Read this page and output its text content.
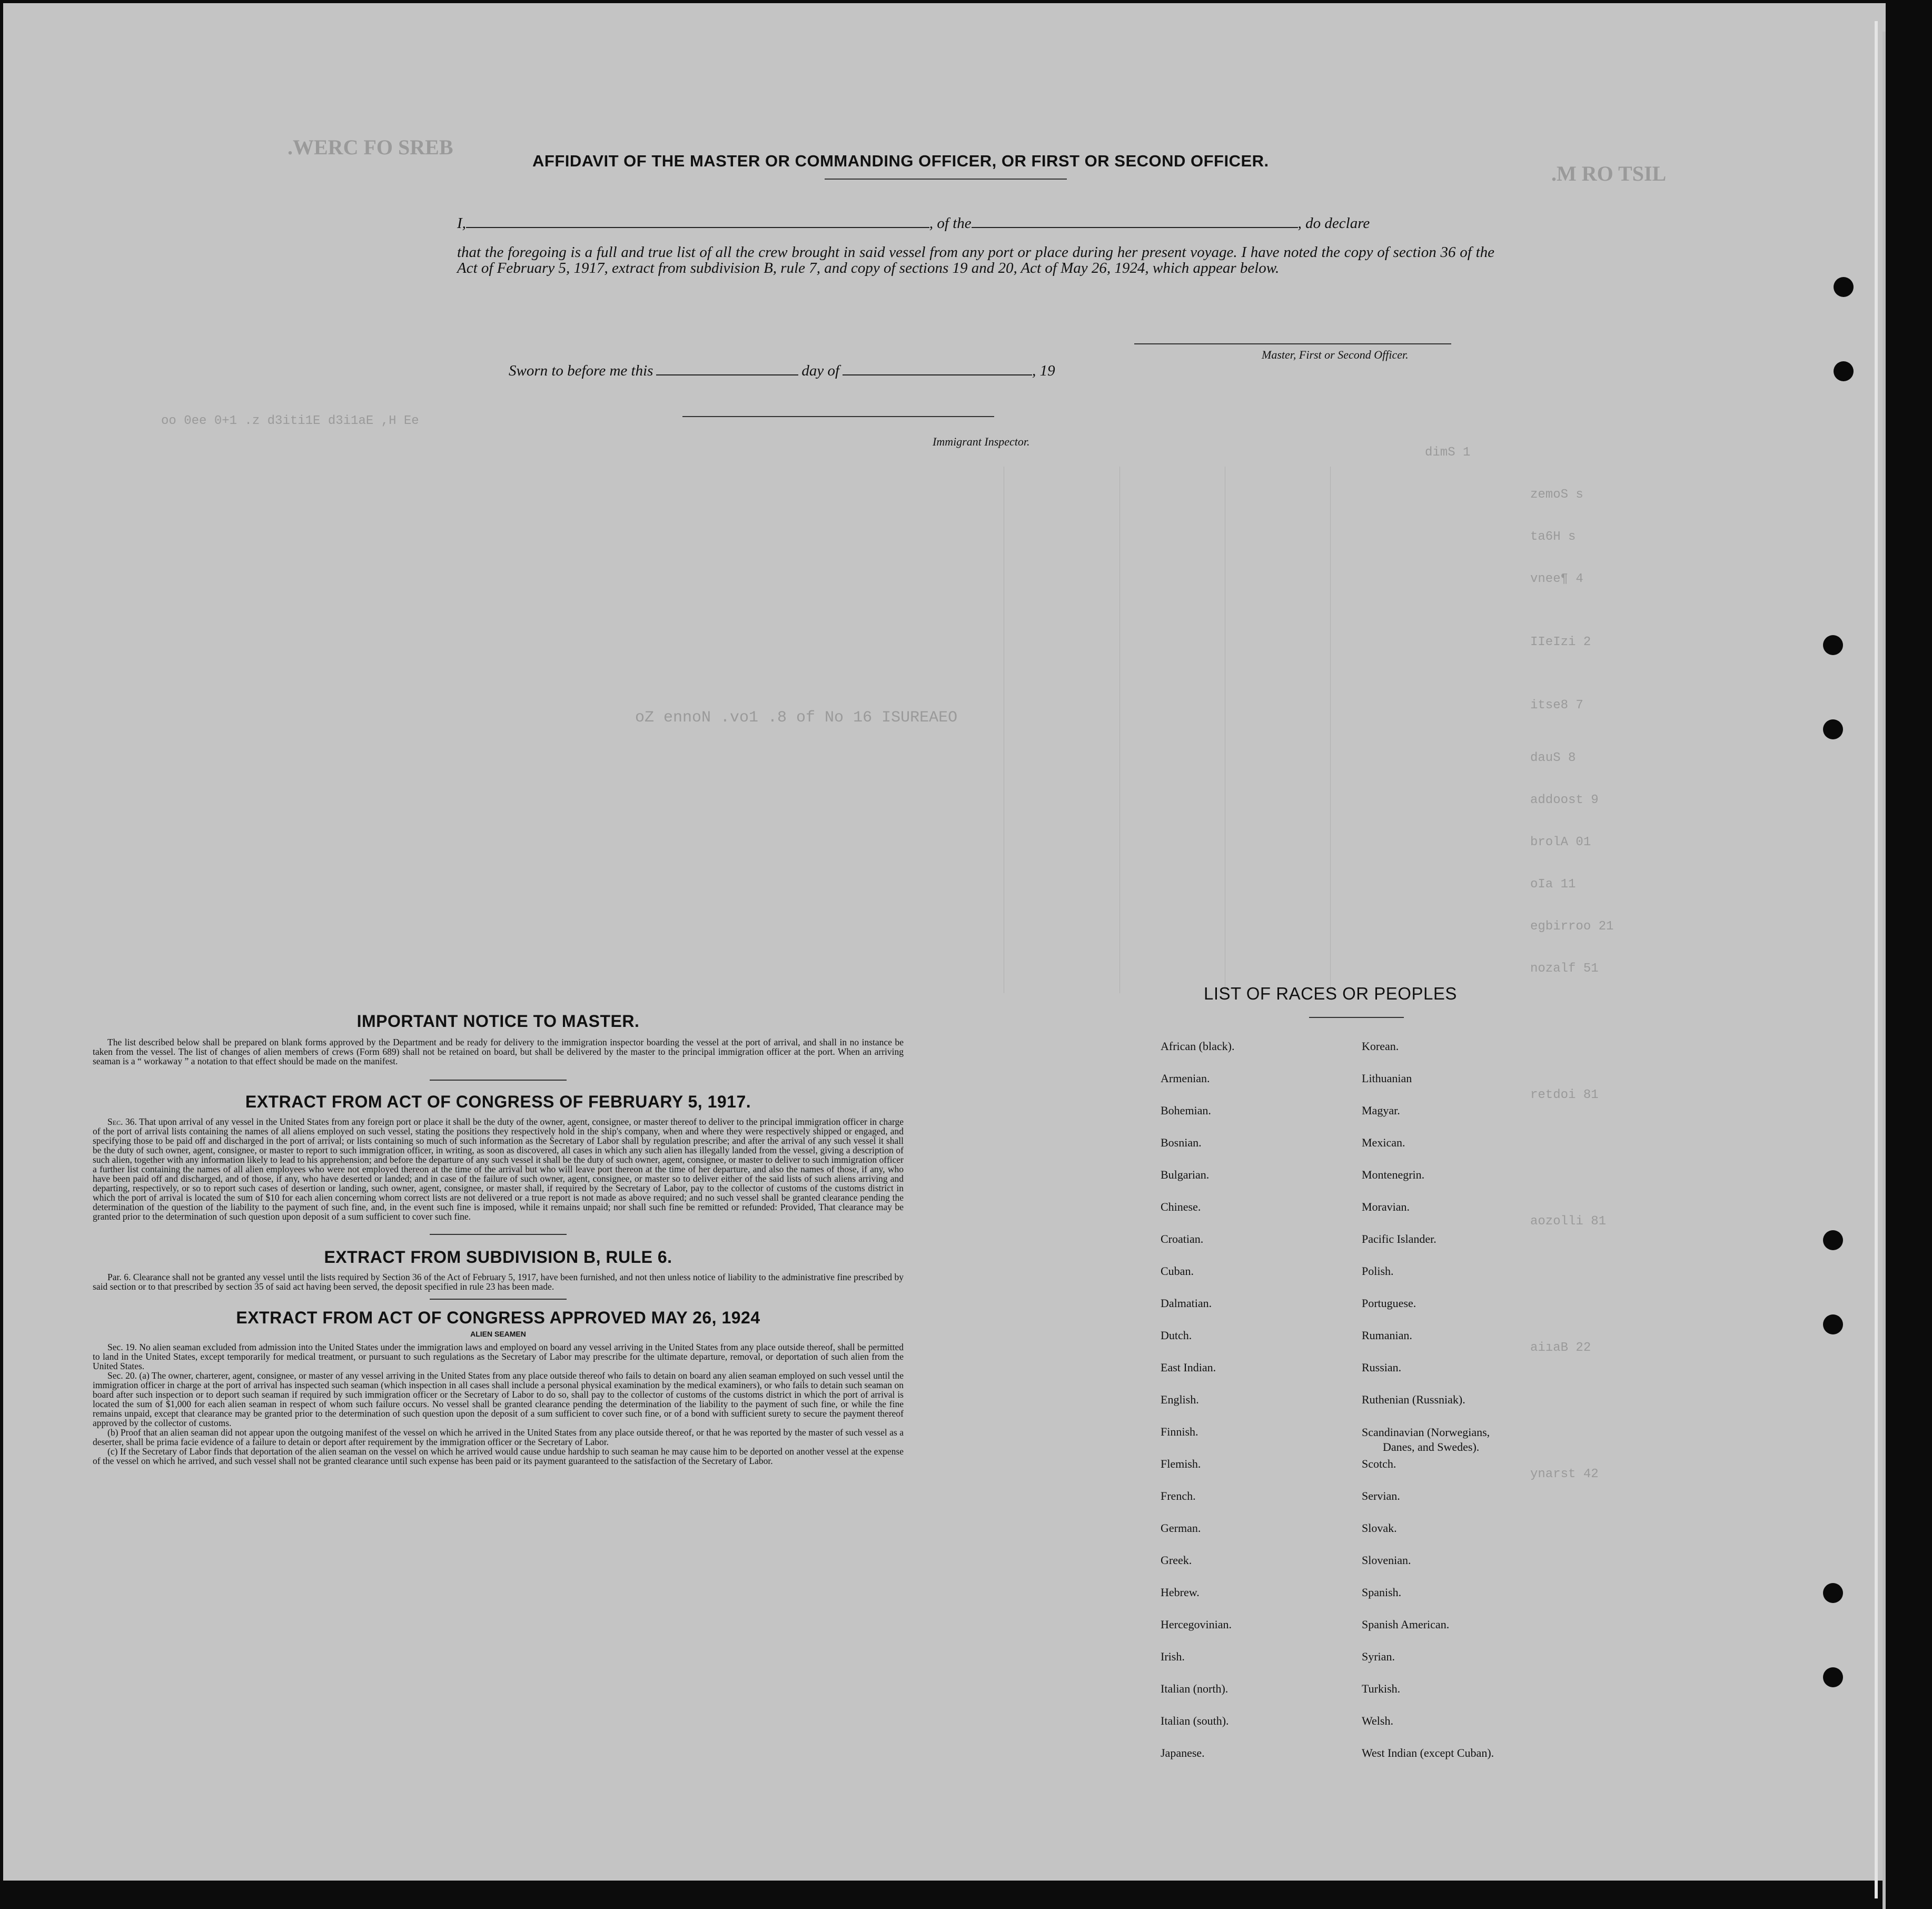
.WERC FO SREB
.M RO TSIL
oo 0ee 0+1 .z d3iti1E d3i1aE ,H Ee
dimS 1
zemoS s
ta6H s
vnee¶ 4
IIeIzi 2
itse8 7
oZ ennoN .vo1 .8 of No 16 ISUREAEO
dauS 8
addoost 9
brolA 01
oIa 11
egbirroo 21
nozalf 51
retdoi 81
aozolli 81
aiıaB 22
ynarst 42
AFFIDAVIT OF THE MASTER OR COMMANDING OFFICER, OR FIRST OR SECOND OFFICER.
I,	, of the	, do declare
that the foregoing is a full and true list of all the crew brought in said vessel from any port or place during her present voyage. I have noted the copy of section 36 of the Act of February 5, 1917, extract from subdivision B, rule 7, and copy of sections 19 and 20, Act of May 26, 1924, which appear below.
Master, First or Second Officer.
Sworn to before me this	day of	, 19
Immigrant Inspector.
IMPORTANT NOTICE TO MASTER.

The list described below shall be prepared on blank forms approved by the Department and be ready for delivery to the immigration inspector boarding the vessel at the port of arrival, and shall in no instance be taken from the vessel. The list of changes of alien members of crews (Form 689) shall not be retained on board, but shall be delivered by the master to the principal immigration officer at the port. When an arriving seaman is a “ workaway ” a notation to that effect should be made on the manifest.

EXTRACT FROM ACT OF CONGRESS OF FEBRUARY 5, 1917.

Sec. 36. That upon arrival of any vessel in the United States from any foreign port or place it shall be the duty of the owner, agent, consignee, or master thereof to deliver to the principal immigration officer in charge of the port of arrival lists containing the names of all aliens employed on such vessel, stating the positions they respectively hold in the ship's company, when and where they were respectively shipped or engaged, and specifying those to be paid off and discharged in the port of arrival; or lists containing so much of such information as the Secretary of Labor shall by regulation prescribe; and after the arrival of any such vessel it shall be the duty of such owner, agent, consignee, or master to report to such immigration officer, in writing, as soon as discovered, all cases in which any such alien has illegally landed from the vessel, giving a description of such alien, together with any information likely to lead to his apprehension; and before the departure of any such vessel it shall be the duty of such owner, agent, consignee, or master to deliver to such immigration officer a further list containing the names of all alien employees who were not employed thereon at the time of the arrival but who will leave port thereon at the time of her departure, and also the names of those, if any, who have been paid off and discharged, and of those, if any, who have deserted or landed; and in case of the failure of such owner, agent, consignee, or master so to deliver either of the said lists of such aliens arriving and departing, respectively, or so to report such cases of desertion or landing, such owner, agent, consignee, or master shall, if required by the Secretary of Labor, pay to the collector of customs of the customs district in which the port of arrival is located the sum of $10 for each alien concerning whom correct lists are not delivered or a true report is not made as above required; and no such vessel shall be granted clearance pending the determination of the question of the liability to the payment of such fine, and, in the event such fine is imposed, while it remains unpaid; nor shall such fine be remitted or refunded: Provided, That clearance may be granted prior to the determination of such question upon deposit of a sum sufficient to cover such fine.

EXTRACT FROM SUBDIVISION B, RULE 6.

Par. 6. Clearance shall not be granted any vessel until the lists required by Section 36 of the Act of February 5, 1917, have been furnished, and not then unless notice of liability to the administrative fine prescribed by said section or to that prescribed by section 35 of said act having been served, the deposit specified in rule 23 has been made.

EXTRACT FROM ACT OF CONGRESS APPROVED MAY 26, 1924
ALIEN SEAMEN

Sec. 19. No alien seaman excluded from admission into the United States under the immigration laws and employed on board any vessel arriving in the United States from any place outside thereof, shall be permitted to land in the United States, except temporarily for medical treatment, or pursuant to such regulations as the Secretary of Labor may prescribe for the ultimate departure, removal, or deportation of such alien from the United States.

Sec. 20. (a) The owner, charterer, agent, consignee, or master of any vessel arriving in the United States from any place outside thereof who fails to detain on board any alien seaman employed on such vessel until the immigration officer in charge at the port of arrival has inspected such seaman (which inspection in all cases shall include a personal physical examination by the medical examiners), or who fails to detain such seaman on board after such inspection or to deport such seaman if required by such immigration officer or the Secretary of Labor to do so, shall pay to the collector of customs of the customs district in which the port of arrival is located the sum of $1,000 for each alien seaman in respect of whom such failure occurs. No vessel shall be granted clearance pending the determination of the liability to the payment of such fine, or while the fine remains unpaid, except that clearance may be granted prior to the determination of such question upon the deposit of a sum sufficient to cover such fine, or of a bond with sufficient surety to secure the payment thereof approved by the collector of customs.

(b) Proof that an alien seaman did not appear upon the outgoing manifest of the vessel on which he arrived in the United States from any place outside thereof, or that he was reported by the master of such vessel as a deserter, shall be prima facie evidence of a failure to detain or deport after requirement by the immigration officer or the Secretary of Labor.

(c) If the Secretary of Labor finds that deportation of the alien seaman on the vessel on which he arrived would cause undue hardship to such seaman he may cause him to be deported on another vessel at the expense of the vessel on which he arrived, and such vessel shall not be granted clearance until such expense has been paid or its payment guaranteed to the satisfaction of the Secretary of Labor.

LIST OF RACES OR PEOPLES
African (black).
Armenian.
Bohemian.
Bosnian.
Bulgarian.
Chinese.
Croatian.
Cuban.
Dalmatian.
Dutch.
East Indian.
English.
Finnish.
Flemish.
French.
German.
Greek.
Hebrew.
Hercegovinian.
Irish.
Italian (north).
Italian (south).
Japanese.
Korean.
Lithuanian
Magyar.
Mexican.
Montenegrin.
Moravian.
Pacific Islander.
Polish.
Portuguese.
Rumanian.
Russian.
Ruthenian (Russniak).
Scandinavian (Norwegians,
Danes, and Swedes).
Scotch.
Servian.
Slovak.
Slovenian.
Spanish.
Spanish American.
Syrian.
Turkish.
Welsh.
West Indian (except Cuban).
